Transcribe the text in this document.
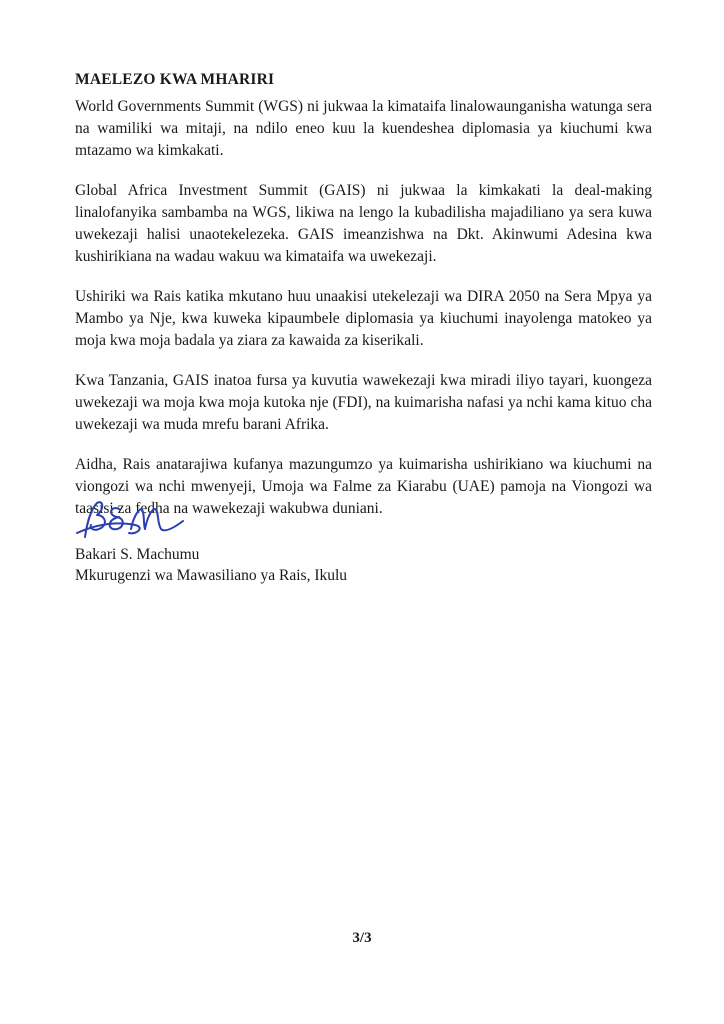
MAELEZO KWA MHARIRI

World Governments Summit (WGS) ni jukwaa la kimataifa linalowaunganisha watunga sera na wamiliki wa mitaji, na ndilo eneo kuu la kuendeshea diplomasia ya kiuchumi kwa mtazamo wa kimkakati.

Global Africa Investment Summit (GAIS) ni jukwaa la kimkakati la deal-making linalofanyika sambamba na WGS, likiwa na lengo la kubadilisha majadiliano ya sera kuwa uwekezaji halisi unaotekelezeka. GAIS imeanzishwa na Dkt. Akinwumi Adesina kwa kushirikiana na wadau wakuu wa kimataifa wa uwekezaji.

Ushiriki wa Rais katika mkutano huu unaakisi utekelezaji wa DIRA 2050 na Sera Mpya ya Mambo ya Nje, kwa kuweka kipaumbele diplomasia ya kiuchumi inayolenga matokeo ya moja kwa moja badala ya ziara za kawaida za kiserikali.

Kwa Tanzania, GAIS inatoa fursa ya kuvutia wawekezaji kwa miradi iliyo tayari, kuongeza uwekezaji wa moja kwa moja kutoka nje (FDI), na kuimarisha nafasi ya nchi kama kituo cha uwekezaji wa muda mrefu barani Afrika.

Aidha, Rais anatarajiwa kufanya mazungumzo ya kuimarisha ushirikiano wa kiuchumi na viongozi wa nchi mwenyeji, Umoja wa Falme za Kiarabu (UAE) pamoja na Viongozi wa taasisi za fedha na wawekezaji wakubwa duniani.

Bakari S. Machumu
Mkurugenzi wa Mawasiliano ya Rais, Ikulu
3/3
